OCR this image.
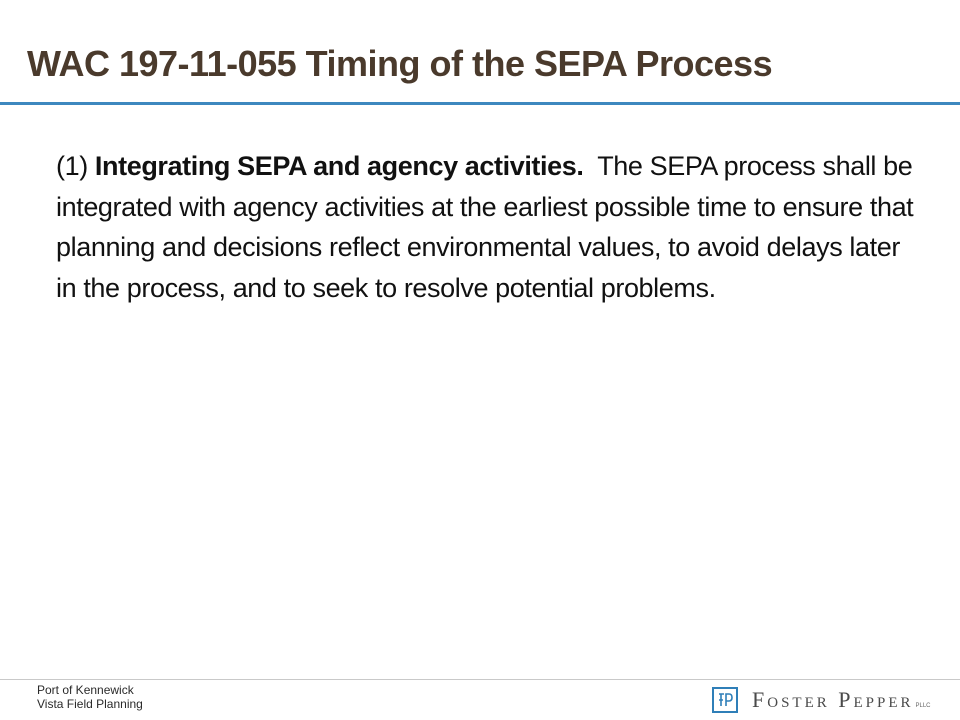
WAC 197-11-055 Timing of the SEPA Process

(1) Integrating SEPA and agency activities. The SEPA process shall be integrated with agency activities at the earliest possible time to ensure that planning and decisions reflect environmental values, to avoid delays later in the process, and to seek to resolve potential problems.

Port of Kennewick
Vista Field Planning	Foster Pepper PLLC
